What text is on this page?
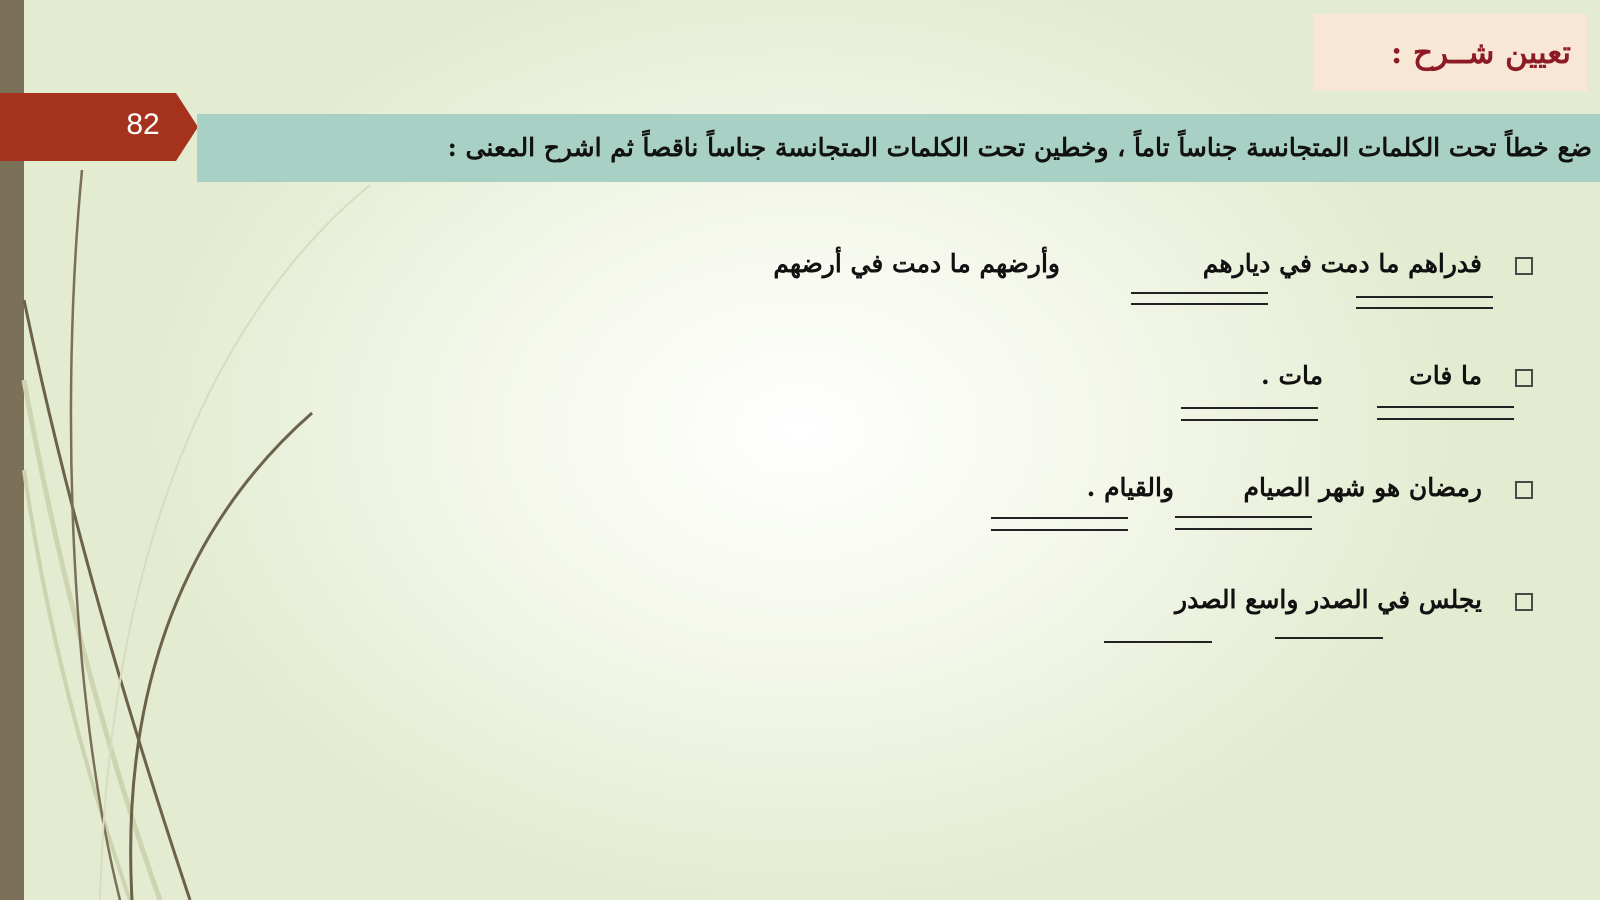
تعيين شــرح :
82
ضع خطاً تحت الكلمات المتجانسة جناساً تاماً ، وخطين تحت الكلمات المتجانسة جناساً ناقصاً ثم اشرح المعنى :
فدراهم ما دمت في ديارهم
وأرضهم ما دمت في أرضهم
ما فات
مات .
رمضان هو شهر الصيام
والقيام .
يجلس في الصدر واسع الصدر
